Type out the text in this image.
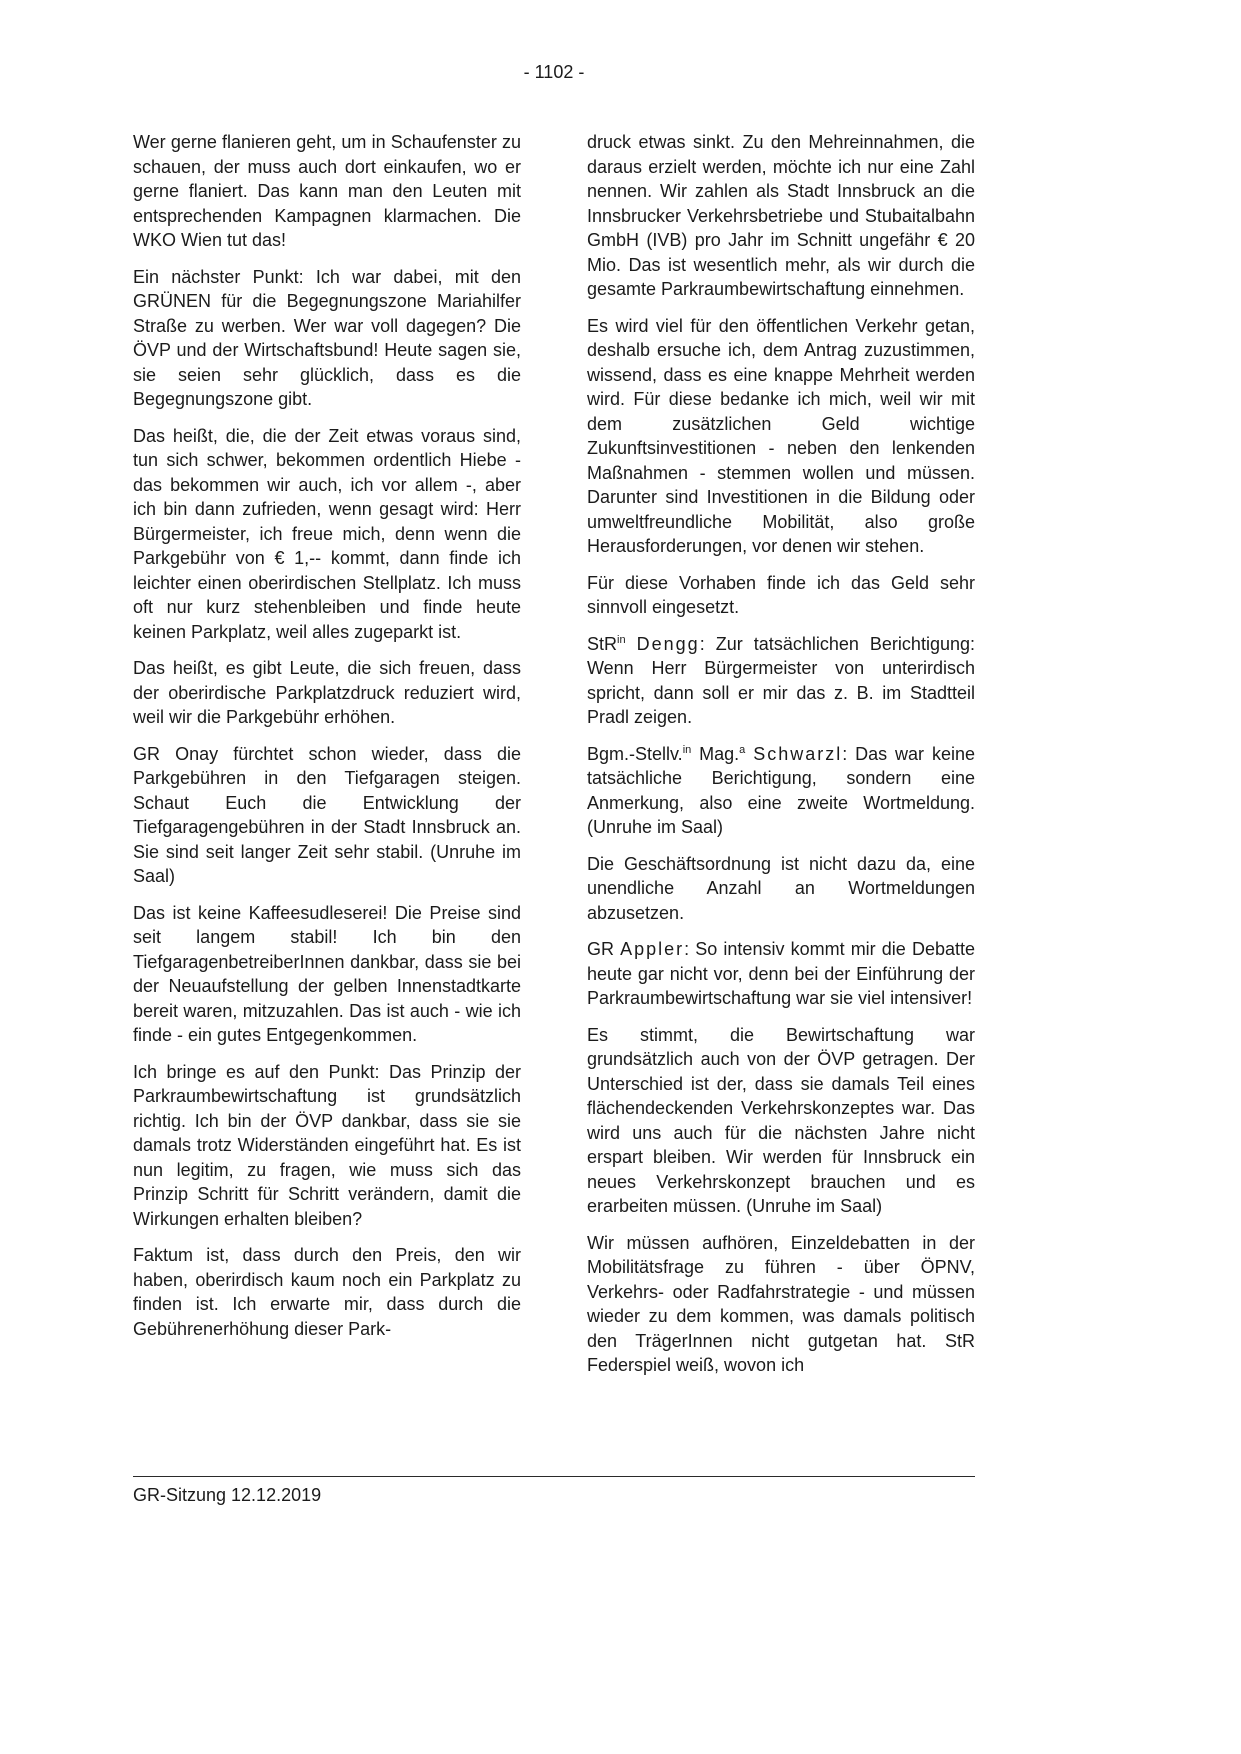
- 1102 -

Wer gerne flanieren geht, um in Schaufenster zu schauen, der muss auch dort einkaufen, wo er gerne flaniert. Das kann man den Leuten mit entsprechenden Kampagnen klarmachen. Die WKO Wien tut das!

Ein nächster Punkt: Ich war dabei, mit den GRÜNEN für die Begegnungszone Mariahilfer Straße zu werben. Wer war voll dagegen? Die ÖVP und der Wirtschaftsbund! Heute sagen sie, sie seien sehr glücklich, dass es die Begegnungszone gibt.

Das heißt, die, die der Zeit etwas voraus sind, tun sich schwer, bekommen ordentlich Hiebe - das bekommen wir auch, ich vor allem -, aber ich bin dann zufrieden, wenn gesagt wird: Herr Bürgermeister, ich freue mich, denn wenn die Parkgebühr von € 1,-- kommt, dann finde ich leichter einen oberirdischen Stellplatz. Ich muss oft nur kurz stehenbleiben und finde heute keinen Parkplatz, weil alles zugeparkt ist.

Das heißt, es gibt Leute, die sich freuen, dass der oberirdische Parkplatzdruck reduziert wird, weil wir die Parkgebühr erhöhen.

GR Onay fürchtet schon wieder, dass die Parkgebühren in den Tiefgaragen steigen. Schaut Euch die Entwicklung der Tiefgaragengebühren in der Stadt Innsbruck an. Sie sind seit langer Zeit sehr stabil. (Unruhe im Saal)

Das ist keine Kaffeesudleserei! Die Preise sind seit langem stabil! Ich bin den TiefgaragenbetreiberInnen dankbar, dass sie bei der Neuaufstellung der gelben Innenstadtkarte bereit waren, mitzuzahlen. Das ist auch - wie ich finde - ein gutes Entgegenkommen.

Ich bringe es auf den Punkt: Das Prinzip der Parkraumbewirtschaftung ist grundsätzlich richtig. Ich bin der ÖVP dankbar, dass sie sie damals trotz Widerständen eingeführt hat. Es ist nun legitim, zu fragen, wie muss sich das Prinzip Schritt für Schritt verändern, damit die Wirkungen erhalten bleiben?

Faktum ist, dass durch den Preis, den wir haben, oberirdisch kaum noch ein Parkplatz zu finden ist. Ich erwarte mir, dass durch die Gebührenerhöhung dieser Park-

druck etwas sinkt. Zu den Mehreinnahmen, die daraus erzielt werden, möchte ich nur eine Zahl nennen. Wir zahlen als Stadt Innsbruck an die Innsbrucker Verkehrsbetriebe und Stubaitalbahn GmbH (IVB) pro Jahr im Schnitt ungefähr € 20 Mio. Das ist wesentlich mehr, als wir durch die gesamte Parkraumbewirtschaftung einnehmen.

Es wird viel für den öffentlichen Verkehr getan, deshalb ersuche ich, dem Antrag zuzustimmen, wissend, dass es eine knappe Mehrheit werden wird. Für diese bedanke ich mich, weil wir mit dem zusätzlichen Geld wichtige Zukunftsinvestitionen - neben den lenkenden Maßnahmen - stemmen wollen und müssen. Darunter sind Investitionen in die Bildung oder umweltfreundliche Mobilität, also große Herausforderungen, vor denen wir stehen.

Für diese Vorhaben finde ich das Geld sehr sinnvoll eingesetzt.

StR$^{in}$ Dengg: Zur tatsächlichen Berichtigung: Wenn Herr Bürgermeister von unterirdisch spricht, dann soll er mir das z. B. im Stadtteil Pradl zeigen.

Bgm.-Stellv.$^{in}$ Mag.$^a$ Schwarzl: Das war keine tatsächliche Berichtigung, sondern eine Anmerkung, also eine zweite Wortmeldung. (Unruhe im Saal)

Die Geschäftsordnung ist nicht dazu da, eine unendliche Anzahl an Wortmeldungen abzusetzen.

GR Appler: So intensiv kommt mir die Debatte heute gar nicht vor, denn bei der Einführung der Parkraumbewirtschaftung war sie viel intensiver!

Es stimmt, die Bewirtschaftung war grundsätzlich auch von der ÖVP getragen. Der Unterschied ist der, dass sie damals Teil eines flächendeckenden Verkehrskonzeptes war. Das wird uns auch für die nächsten Jahre nicht erspart bleiben. Wir werden für Innsbruck ein neues Verkehrskonzept brauchen und es erarbeiten müssen. (Unruhe im Saal)

Wir müssen aufhören, Einzeldebatten in der Mobilitätsfrage zu führen - über ÖPNV, Verkehrs- oder Radfahrstrategie - und müssen wieder zu dem kommen, was damals politisch den TrägerInnen nicht gutgetan hat. StR Federspiel weiß, wovon ich

GR-Sitzung 12.12.2019
